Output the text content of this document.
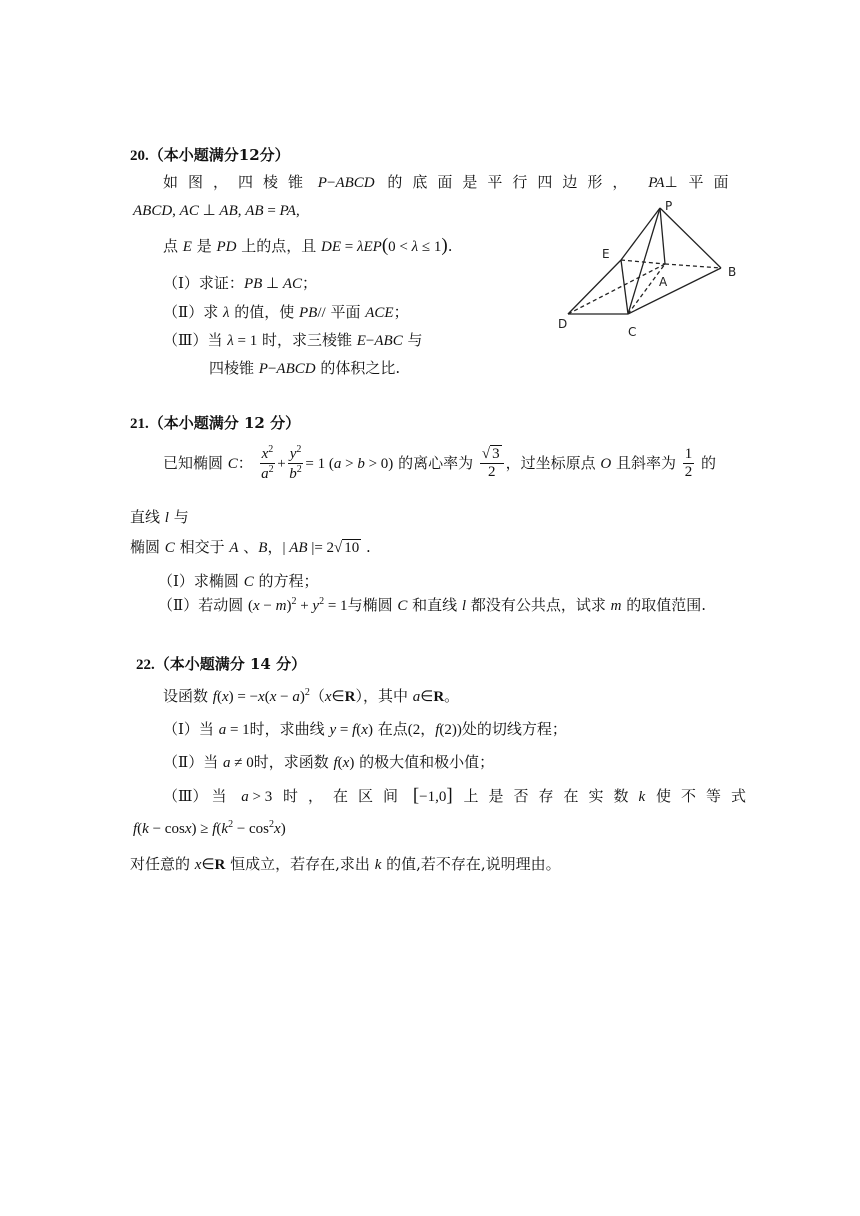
20.（本小题满分12分）
如图，四棱锥 P−ABCD 的底面是平行四边形， PA⊥ 平面
ABCD, AC ⊥ AB, AB = PA,
点 E 是 PD 上的点，且 DE = λEP(0 < λ ≤ 1).
（Ⅰ）求证：PB ⊥ AC；
（Ⅱ）求 λ 的值，使 PB// 平面 ACE；
（Ⅲ）当 λ = 1 时，求三棱锥 E−ABC 与
四棱锥 P−ABCD 的体积之比.
P
E
A
B
D
C
21.（本小题满分 12 分）
已知椭圆 C： $\frac{x^2}{a^2} + \frac{y^2}{b^2} = 1$ (a > b > 0) 的离心率为 $\frac{√ 3}{2}$ ，过坐标原点 O 且斜率为 $\frac{1}{2}$ 的
直线 l 与
椭圆 C 相交于 A 、B，| AB |= 2√ 10 .
（Ⅰ）求椭圆 C 的方程；
（Ⅱ）若动圆 $(x - m)^2 + y^2 = 1$与椭圆 C 和直线 l 都没有公共点，试求 m 的取值范围.
22.（本小题满分 14 分）
设函数 $f(x) = -x(x - a)^2(x\in R)$，其中 a∈R。
（Ⅰ）当 a = 1时，求曲线 y = f(x) 在点(2，f(2))处的切线方程；
（Ⅱ）当 a ≠ 0时，求函数 f(x) 的极大值和极小值；
（Ⅲ） 当 a > 3 时，在区间 [−1,0] 上是否存在实数k 使不等式
$f(k - \cos x) \ge f(k^2 - \cos^2x)$
对任意的 x∈R 恒成立，若存在,求出 k 的值,若不存在,说明理由。
